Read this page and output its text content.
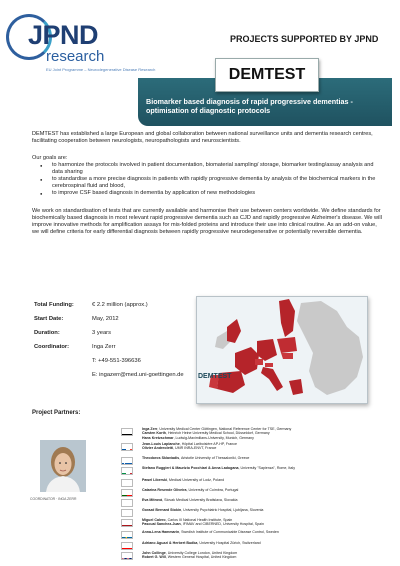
JPND
research
EU Joint Programme – Neurodegenerative Disease Research
PROJECTS SUPPORTED BY JPND
Biomarker based diagnosis of rapid progressive dementias - optimisation of diagnostic protocols
DEMTEST
DEMTEST has established a large European and global collaboration between national surveillance units and dementia research centres, facilitating cooperation between neurologists, neuropathologists and neuroscientists.
Our goals are:
● to harmonize the protocols involved in patient documentation, biomaterial sampling/ storage, biomarker testing/assay analysis and data sharing
● to standardise a more precise diagnosis in patients with rapidly progressive dementia by analysis of the biochemical markers in the cerebrospinal fluid and blood,
● to improve CSF based diagnosis in dementia by application of new methodologies
We work on standardisation of tests that are currently available and harmonise their use between centers worldwide. We define standards for biochemically based diagnosis in most relevant rapid progressive dementia such as CJD and rapidly progressive Alzheimer's disease. We will improve innovative methods for amplification assays for mis-folded proteins and introduce their use into clinical routine. As an add-on value, we will define criteria for early differential diagnosis between rapidly progressive neurodegenerative or potentially reversible dementia.
Total Funding:	€ 2.2 million (approx.)
Start Date:	May, 2012
Duration:	3 years
Coordinator:	Inga Zerr
T: +49-551-396636
E: ingazerr@med.uni-goettingen.de DEMTEST
Project Partners:
COORDINATOR · INGA ZERR
Inga Zerr, University Medical Center Göttingen, National Reference Center for TSE, Germany
Carsten Korth, Heinrich Heine University Medical School, Düsseldorf, Germany
Hans Kretzschmar, Ludwig-Maximilians-University, Munich, Germany
Jean-Louis Laplanche, Hôpital Lariboisière AP-HP, France
Olivier Andreoletti, UMR INRA-ENVT, France
Theodoros Sklaviadis, Aristotle University of Thessaloniki, Greece
Stefano Ruggieri & Maurizio Pocchiari & Anna Ladogana, University "Sapienza", Rome, Italy
Pawel Liberski, Medical University of Lodz, Poland
Catarina Resende Oliveira, University of Coimbra, Portugal
Eva Mitrová, Slovak Medical University Bratislava, Slovakia
Gorazd Bernard Stokin, University Psychiatric Hospital, Ljubljana, Slovenia
Miguel Calero, Carlos III National Health Institute, Spain
Pascual Sanchez-Juan, IFIMAV and CIBERNED, University Hospital, Spain
Anna-Lena Hammarin, Swedish Institute of Communicable Disease Control, Sweden
Adriano Aguzzi & Herbert Budka, University Hospital Zürich, Switzerland
John Collinge, University College London, United Kingdom
Robert G. Will, Western General Hospital, United Kingdom
